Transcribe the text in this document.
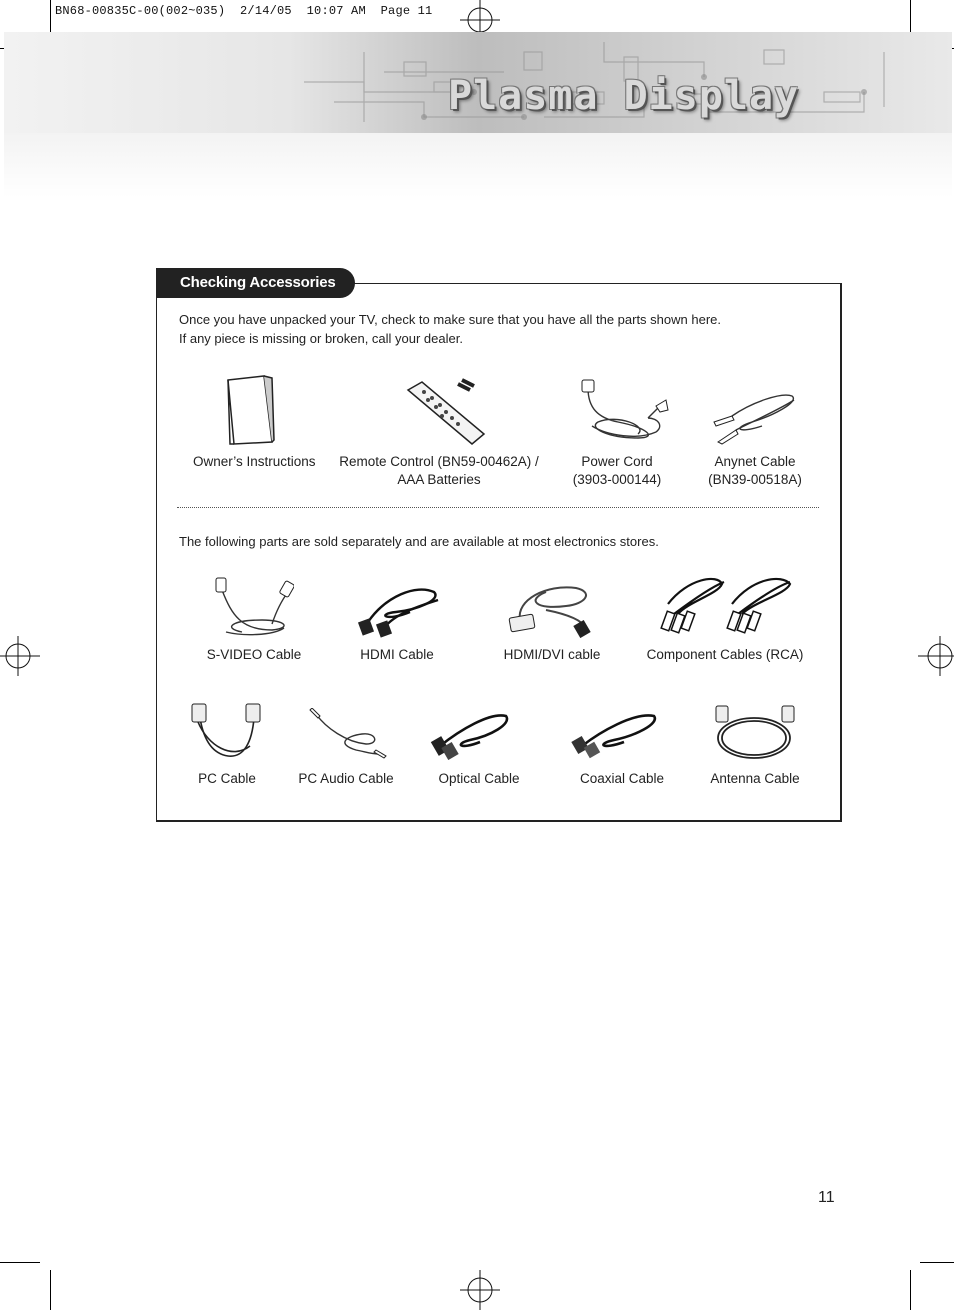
BN68-00835C-00(002~035)  2/14/05  10:07 AM  Page 11
Plasma Display
Checking Accessories
Once you have unpacked your TV, check to make sure that you have all the parts shown here.
If any piece is missing or broken, call your dealer.
Owner’s Instructions	Remote Control (BN59-00462A) /
AAA Batteries
Power Cord
(3903-000144)
Anynet Cable
(BN39-00518A)
The following parts are sold separately and are available at most electronics stores.
S-VIDEO Cable	HDMI Cable	HDMI/DVI cable	Component Cables (RCA)
PC Cable	PC Audio Cable	Optical Cable	Coaxial Cable	Antenna Cable
11
